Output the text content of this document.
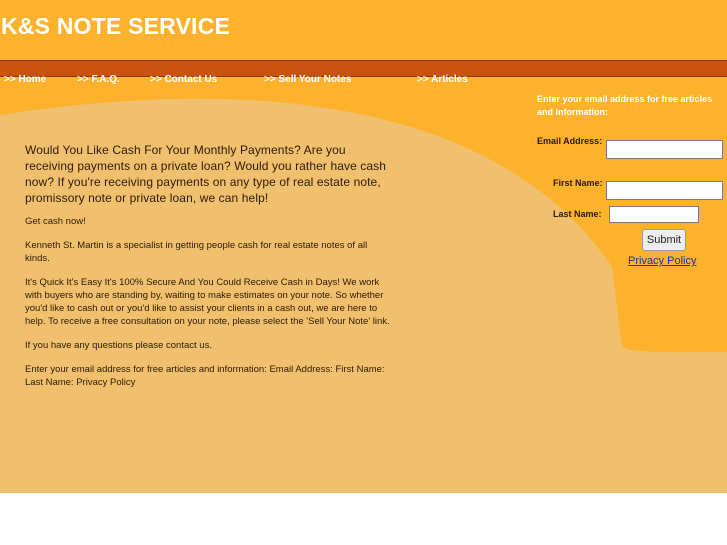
K&S NOTE SERVICE
>> Home	>> F.A.Q.	>> Contact Us	>> Sell Your Notes	>> Articles

Would You Like Cash For Your Monthly Payments? Are you receiving payments on a private loan? Would you rather have cash now? If you're receiving payments on any type of real estate note, promissory note or private loan, we can help!

Get cash now!

Kenneth St. Martin is a specialist in getting people cash for real estate notes of all kinds.

It's Quick It's Easy It's 100% Secure And You Could Receive Cash in Days! We work with buyers who are standing by, waiting to make estimates on your note. So whether you'd like to cash out or you'd like to assist your clients in a cash out, we are here to help. To receive a free consultation on your note, please select the 'Sell Your Note' link.

If you have any questions please contact us.

Enter your email address for free articles and information: Email Address: First Name: Last Name: Privacy Policy

Enter your email address for free articles and information:

Email Address:
First Name:
Last Name:
Submit
Privacy Policy
